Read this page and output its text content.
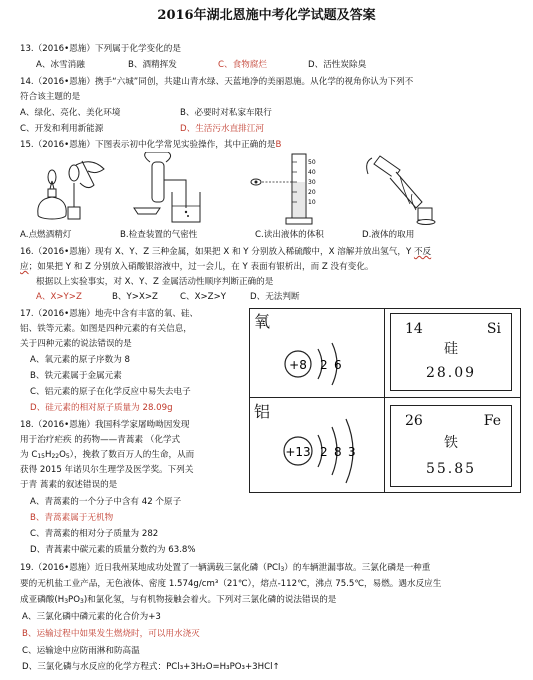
2016年湖北恩施中考化学试题及答案
13.（2016•恩施）下列属于化学变化的是
A、冰雪消融	B、酒精挥发	C、食物腐烂	D、活性炭除臭
14.（2016•恩施）携手“六城”同创，共建山青水绿、天蓝地净的美丽恩施。从化学的视角你认为下列不
符合该主题的是
A、绿化、亮化、美化环境	B、必要时对私家车限行
C、开发和利用新能源	D、生活污水直排江河
15.（2016•恩施）下图表示初中化学常见实验操作，其中正确的是B
50
40
30
20
10
A.点燃酒精灯	B.检查装置的气密性	C.读出液体的体积	D.液体的取用
16.（2016•恩施）现有 X、Y、Z 三种金属，如果把 X 和 Y 分别放入稀硫酸中，X 溶解并放出氢气，Y 不反
应；如果把 Y 和 Z 分别放入硝酸银溶液中，过一会儿，在 Y 表面有银析出，而 Z 没有变化。
根据以上实验事实，对 X、Y、Z 金属活动性顺序判断正确的是
A、X>Y>Z	B、Y>X>Z	C、X>Z>Y	D、无法判断
17.（2016•恩施）地壳中含有丰富的氧、硅、
铝、铁等元素。如图是四种元素的有关信息，
关于四种元素的说法错误的是
A、氧元素的原子序数为 8
B、铁元素属于金属元素
C、铝元素的原子在化学反应中易失去电子
D、硅元素的相对原子质量为 28.09g
氧
+8 2 6
14	Si
硅
28.09
铝
+13 2 8 3
26	Fe
铁
55.85
18.（2016•恩施）我国科学家屠呦呦因发现
用于治疗疟疾 的药物——青蒿素 （化学式
为 C15H22O5），挽救了数百万人的生命，从而
获得 2015 年诺贝尔生理学及医学奖。下列关
于青 蒿素的叙述错误的是
A、青蒿素的一个分子中含有 42 个原子
B、青蒿素属于无机物
C、青蒿素的相对分子质量为 282
D、青蒿素中碳元素的质量分数约为 63.8%
19.（2016•恩施）近日我州某地成功处置了一辆满载三氯化磷（PCl3）的车辆泄漏事故。三氯化磷是一种重
要的无机盐工业产品，无色液体、密度 1.574g/cm³（21℃），熔点-112℃，沸点 75.5℃，易燃。遇水反应生
成亚磷酸(H3PO3)和氯化氢，与有机物接触会着火。下列对三氯化磷的说法错误的是
A、三氯化磷中磷元素的化合价为+3
B、运输过程中如果发生燃烧时，可以用水浇灭
C、运输途中应防雨淋和防高温
D、三氯化磷与水反应的化学方程式：PCl₃+3H₂O=H₃PO₃+3HCl↑
